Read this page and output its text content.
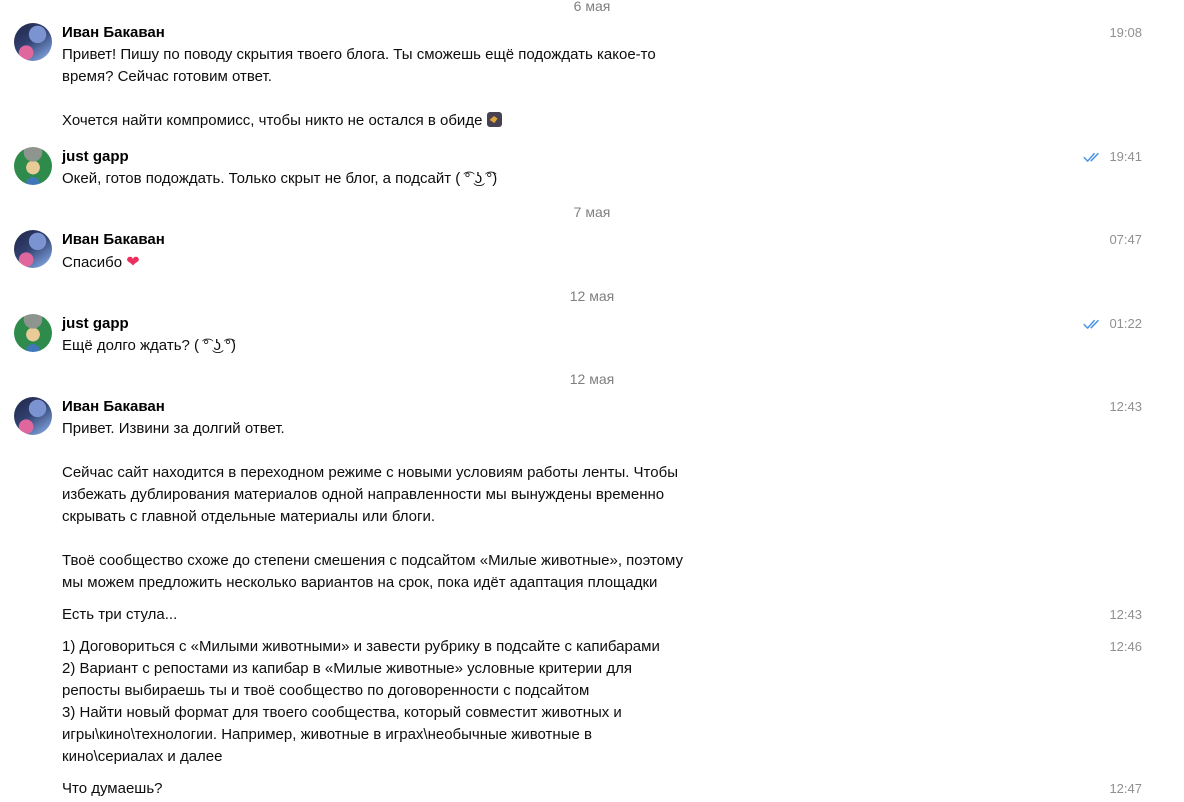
6 мая
Иван Бакаван	19:08
Привет! Пишу по поводу скрытия твоего блога. Ты сможешь ещё подождать какое-то
время? Сейчас готовим ответ.

Хочется найти компромисс, чтобы никто не остался в обиде
just gapp	19:41
Окей, готов подождать. Только скрыт не блог, а подсайт ( ͡° ͜ʖ ͡°)
7 мая
Иван Бакаван	07:47
Спасибо ❤
12 мая
just gapp	01:22
Ещё долго ждать? ( ͡° ͜ʖ ͡°)
12 мая
Иван Бакаван	12:43
Привет. Извини за долгий ответ.

Сейчас сайт находится в переходном режиме с новыми условиям работы ленты. Чтобы
избежать дублирования материалов одной направленности мы вынуждены временно
скрывать с главной отдельные материалы или блоги.

Твоё сообщество схоже до степени смешения с подсайтом «Милые животные», поэтому
мы можем предложить несколько вариантов на срок, пока идёт адаптация площадки
12:43
Есть три стула...
12:46
1) Договориться с «Милыми животными» и завести рубрику в подсайте с капибарами
2) Вариант с репостами из капибар в «Милые животные» условные критерии для
репосты выбираешь ты и твоё сообщество по договоренности с подсайтом
3) Найти новый формат для твоего сообщества, который совместит животных и
игры\кино\технологии. Например, животные в играх\необычные животные в
кино\сериалах и далее
12:47
Что думаешь?
